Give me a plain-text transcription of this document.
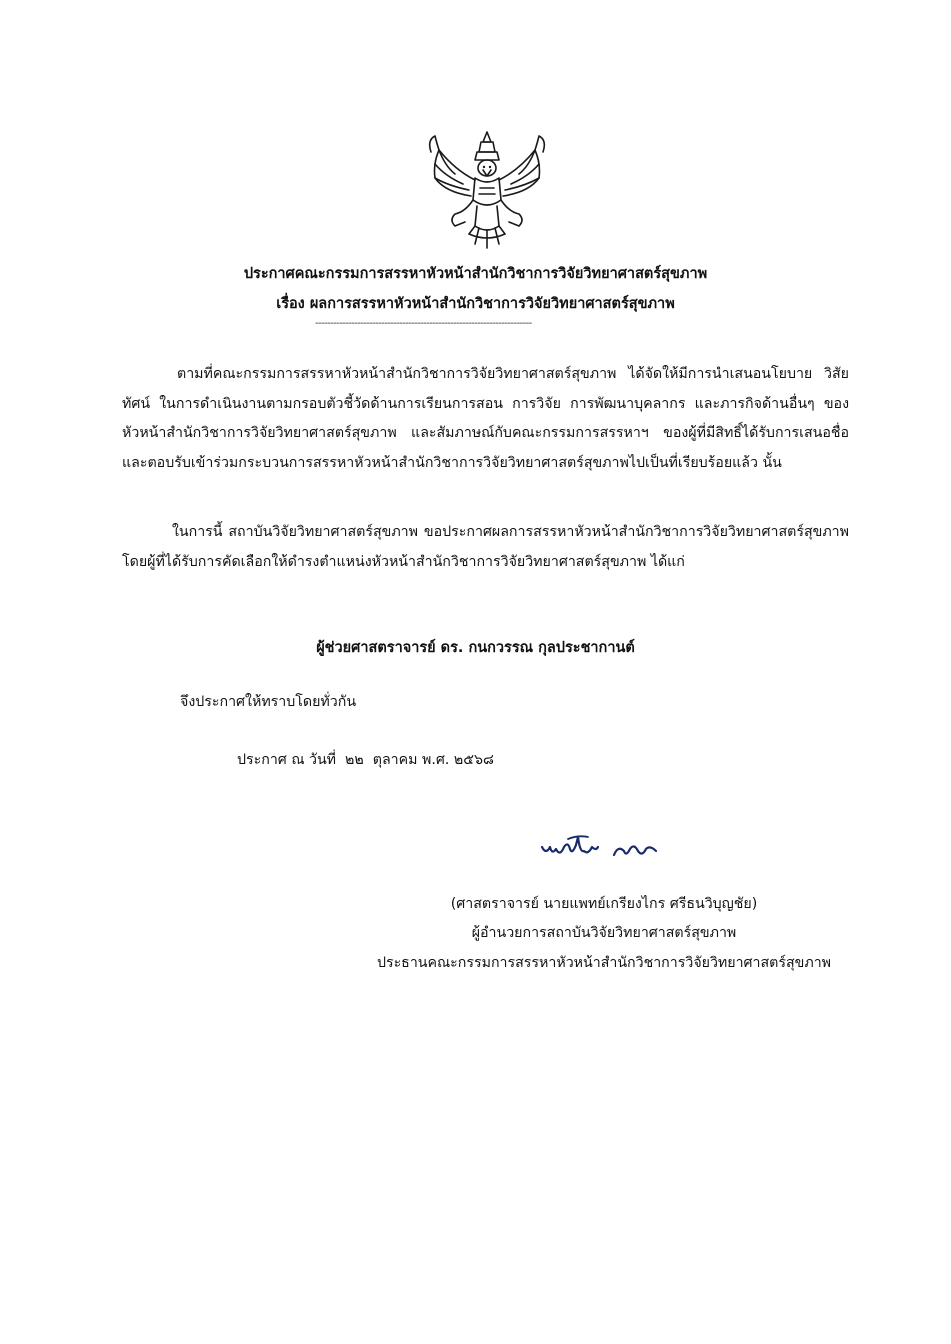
ประกาศคณะกรรมการสรรหาหัวหน้าสำนักวิชาการวิจัยวิทยาศาสตร์สุขภาพ
เรื่อง ผลการสรรหาหัวหน้าสำนักวิชาการวิจัยวิทยาศาสตร์สุขภาพ
------------------------------------------------------------------------

ตามที่คณะกรรมการสรรหาหัวหน้าสำนักวิชาการวิจัยวิทยาศาสตร์สุขภาพ ได้จัดให้มีการนำเสนอนโยบาย วิสัยทัศน์ ในการดำเนินงานตามกรอบตัวชี้วัดด้านการเรียนการสอน การวิจัย การพัฒนาบุคลากร และภารกิจด้านอื่นๆ ของหัวหน้าสำนักวิชาการวิจัยวิทยาศาสตร์สุขภาพ และสัมภาษณ์กับคณะกรรมการสรรหาฯ ของผู้ที่มีสิทธิ์ได้รับการเสนอชื่อและตอบรับเข้าร่วมกระบวนการสรรหาหัวหน้าสำนักวิชาการวิจัยวิทยาศาสตร์สุขภาพไปเป็นที่เรียบร้อยแล้ว นั้น

ในการนี้ สถาบันวิจัยวิทยาศาสตร์สุขภาพ ขอประกาศผลการสรรหาหัวหน้าสำนักวิชาการวิจัยวิทยาศาสตร์สุขภาพ โดยผู้ที่ได้รับการคัดเลือกให้ดำรงตำแหน่งหัวหน้าสำนักวิชาการวิจัยวิทยาศาสตร์สุขภาพ ได้แก่

ผู้ช่วยศาสตราจารย์ ดร. กนกวรรณ กุลประชากานต์
จึงประกาศให้ทราบโดยทั่วกัน
ประกาศ ณ วันที่  ๒๒  ตุลาคม พ.ศ. ๒๕๖๘
(ศาสตราจารย์ นายแพทย์เกรียงไกร ศรีธนวิบุญชัย)
ผู้อำนวยการสถาบันวิจัยวิทยาศาสตร์สุขภาพ
ประธานคณะกรรมการสรรหาหัวหน้าสำนักวิชาการวิจัยวิทยาศาสตร์สุขภาพ
